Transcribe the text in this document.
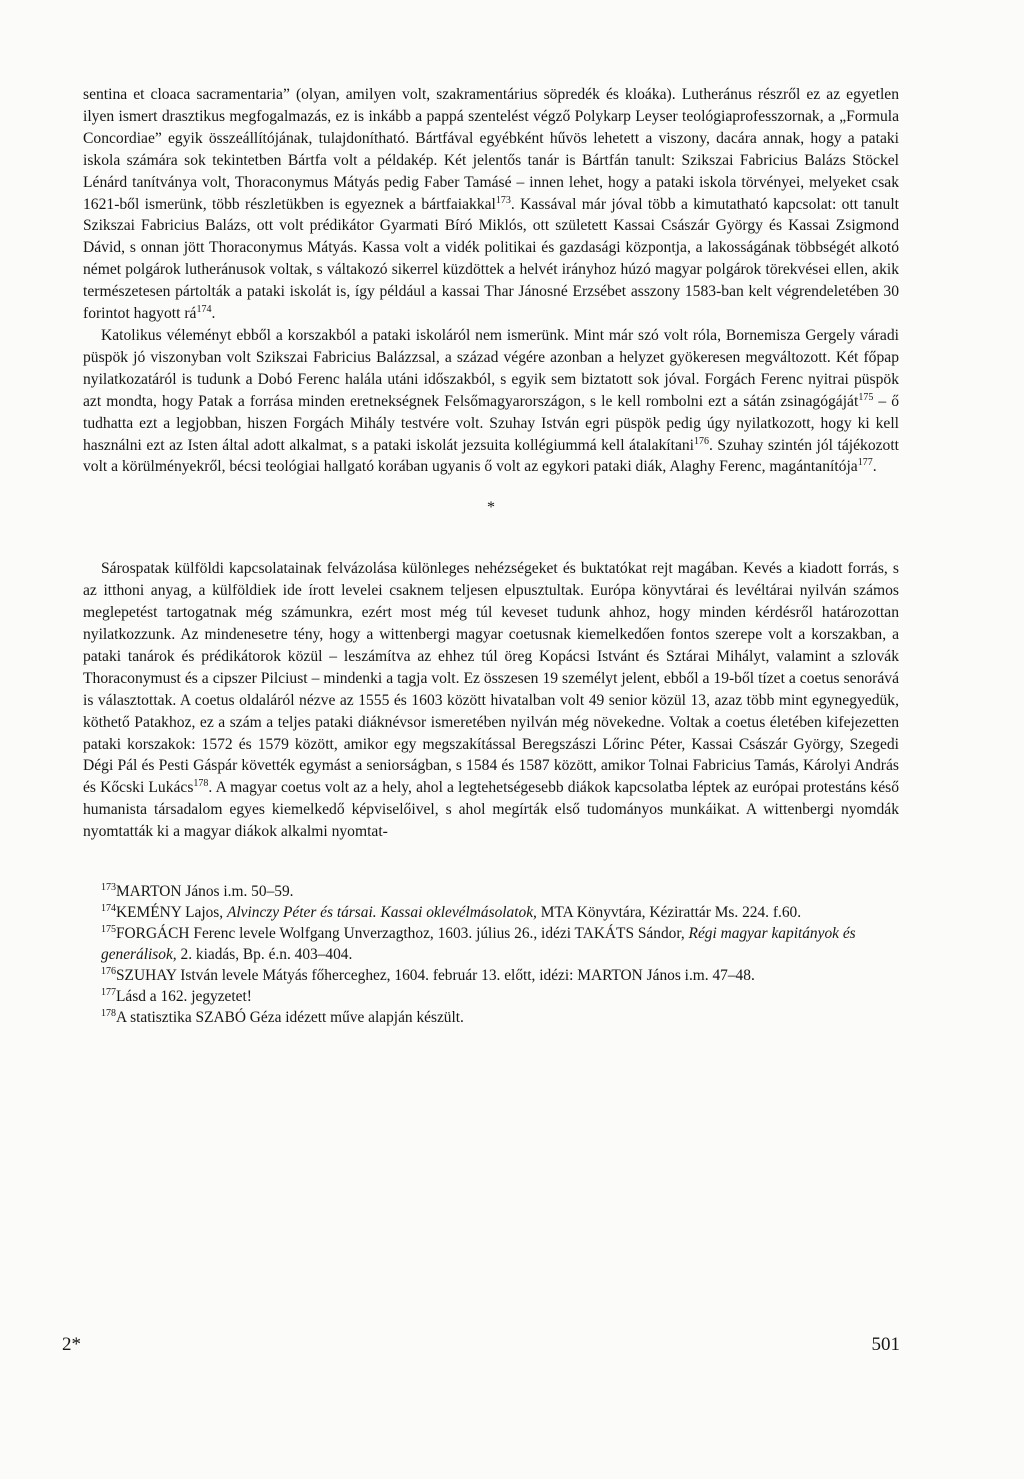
sentina et cloaca sacramentaria” (olyan, amilyen volt, szakramentárius söpredék és kloáka). Lutheránus részről ez az egyetlen ilyen ismert drasztikus megfogalmazás, ez is inkább a pappá szentelést végző Polykarp Leyser teológiaprofesszornak, a „Formula Concordiae” egyik összeállítójának, tulajdonítható. Bártfával egyébként hűvös lehetett a viszony, dacára annak, hogy a pataki iskola számára sok tekintetben Bártfa volt a példakép. Két jelentős tanár is Bártfán tanult: Szikszai Fabricius Balázs Stöckel Lénárd tanítványa volt, Thoraconymus Mátyás pedig Faber Tamásé – innen lehet, hogy a pataki iskola törvényei, melyeket csak 1621-ből ismerünk, több részletükben is egyeznek a bártfaiakkal$^{173}$. Kassával már jóval több a kimutatható kapcsolat: ott tanult Szikszai Fabricius Balázs, ott volt prédikátor Gyarmati Bíró Miklós, ott született Kassai Császár György és Kassai Zsigmond Dávid, s onnan jött Thoraconymus Mátyás. Kassa volt a vidék politikai és gazdasági központja, a lakosságának többségét alkotó német polgárok lutheránusok voltak, s váltakozó sikerrel küzdöttek a helvét irányhoz húzó magyar polgárok törekvései ellen, akik természetesen pártolták a pataki iskolát is, így például a kassai Thar Jánosné Erzsébet asszony 1583-ban kelt végrendeletében 30 forintot hagyott $rá^{174}$.

Katolikus véleményt ebből a korszakból a pataki iskoláról nem ismerünk. Mint már szó volt róla, Bornemisza Gergely váradi püspök jó viszonyban volt Szikszai Fabricius Balázzsal, a század végére azonban a helyzet gyökeresen megváltozott. Két főpap nyilatkozatáról is tudunk a Dobó Ferenc halála utáni időszakból, s egyik sem biztatott sok jóval. Forgách Ferenc nyitrai püspök azt mondta, hogy Patak a forrása minden eretnekségnek Felsőmagyarországon, s le kell rombolni ezt a sátán zsinagógáját$^{175}$ – ő tudhatta ezt a legjobban, hiszen Forgách Mihály testvére volt. Szuhay István egri püspök pedig úgy nyilatkozott, hogy ki kell használni ezt az Isten által adott alkalmat, s a pataki iskolát jezsuita kollégiummá kell átalakítani$^{176}$. Szuhay szintén jól tájékozott volt a körülményekről, bécsi teológiai hallgató korában ugyanis ő volt az egykori pataki diák, Alaghy Ferenc, magántanítója$^{177}$.

*

Sárospatak külföldi kapcsolatainak felvázolása különleges nehézségeket és buktatókat rejt magában. Kevés a kiadott forrás, s az itthoni anyag, a külföldiek ide írott levelei csaknem teljesen elpusztultak. Európa könyvtárai és levéltárai nyilván számos meglepetést tartogatnak még számunkra, ezért most még túl keveset tudunk ahhoz, hogy minden kérdésről határozottan nyilatkozzunk. Az mindenesetre tény, hogy a wittenbergi magyar coetusnak kiemelkedően fontos szerepe volt a korszakban, a pataki tanárok és prédikátorok közül – leszámítva az ehhez túl öreg Kopácsi Istvánt és Sztárai Mihályt, valamint a szlovák Thoraconymust és a cipszer Pilciust – mindenki a tagja volt. Ez összesen 19 személyt jelent, ebből a 19-ből tízet a coetus senorává is választottak. A coetus oldaláról nézve az 1555 és 1603 között hivatalban volt 49 senior közül 13, azaz több mint egynegyedük, köthető Patakhoz, ez a szám a teljes pataki diáknévsor ismeretében nyilván még növekedne. Voltak a coetus életében kifejezetten pataki korszakok: 1572 és 1579 között, amikor egy megszakítással Beregszászi Lőrinc Péter, Kassai Császár György, Szegedi Dégi Pál és Pesti Gáspár követték egymást a seniorságban, s 1584 és 1587 között, amikor Tolnai Fabricius Tamás, Károlyi András és Kőcski Lukács$^{178}$. A magyar coetus volt az a hely, ahol a legtehetségesebb diákok kapcsolatba léptek az európai protestáns késő humanista társadalom egyes kiemelkedő képviselőivel, s ahol megírták első tudományos munkáikat. A wittenbergi nyomdák nyomtatták ki a magyar diákok alkalmi nyomtat-

$^{173}$MARTON János i.m. 50–59.

$^{174}$KEMÉNY Lajos, Alvinczy Péter és társai. Kassai oklevélmásolatok, MTA Könyvtára, Kézirattár Ms. 224. f.60.

$^{175}$FORGÁCH Ferenc levele Wolfgang Unverzagthoz, 1603. július 26., idézi TAKÁTS Sándor, Régi magyar kapitányok és generálisok, 2. kiadás, Bp. é.n. 403–404.

$^{176}$SZUHAY István levele Mátyás főherceghez, 1604. február 13. előtt, idézi: MARTON János i.m. 47–48.

$^{177}$Lásd a 162. jegyzetet!

$^{178}$A statisztika SZABÓ Géza idézett műve alapján készült.

2*	501
